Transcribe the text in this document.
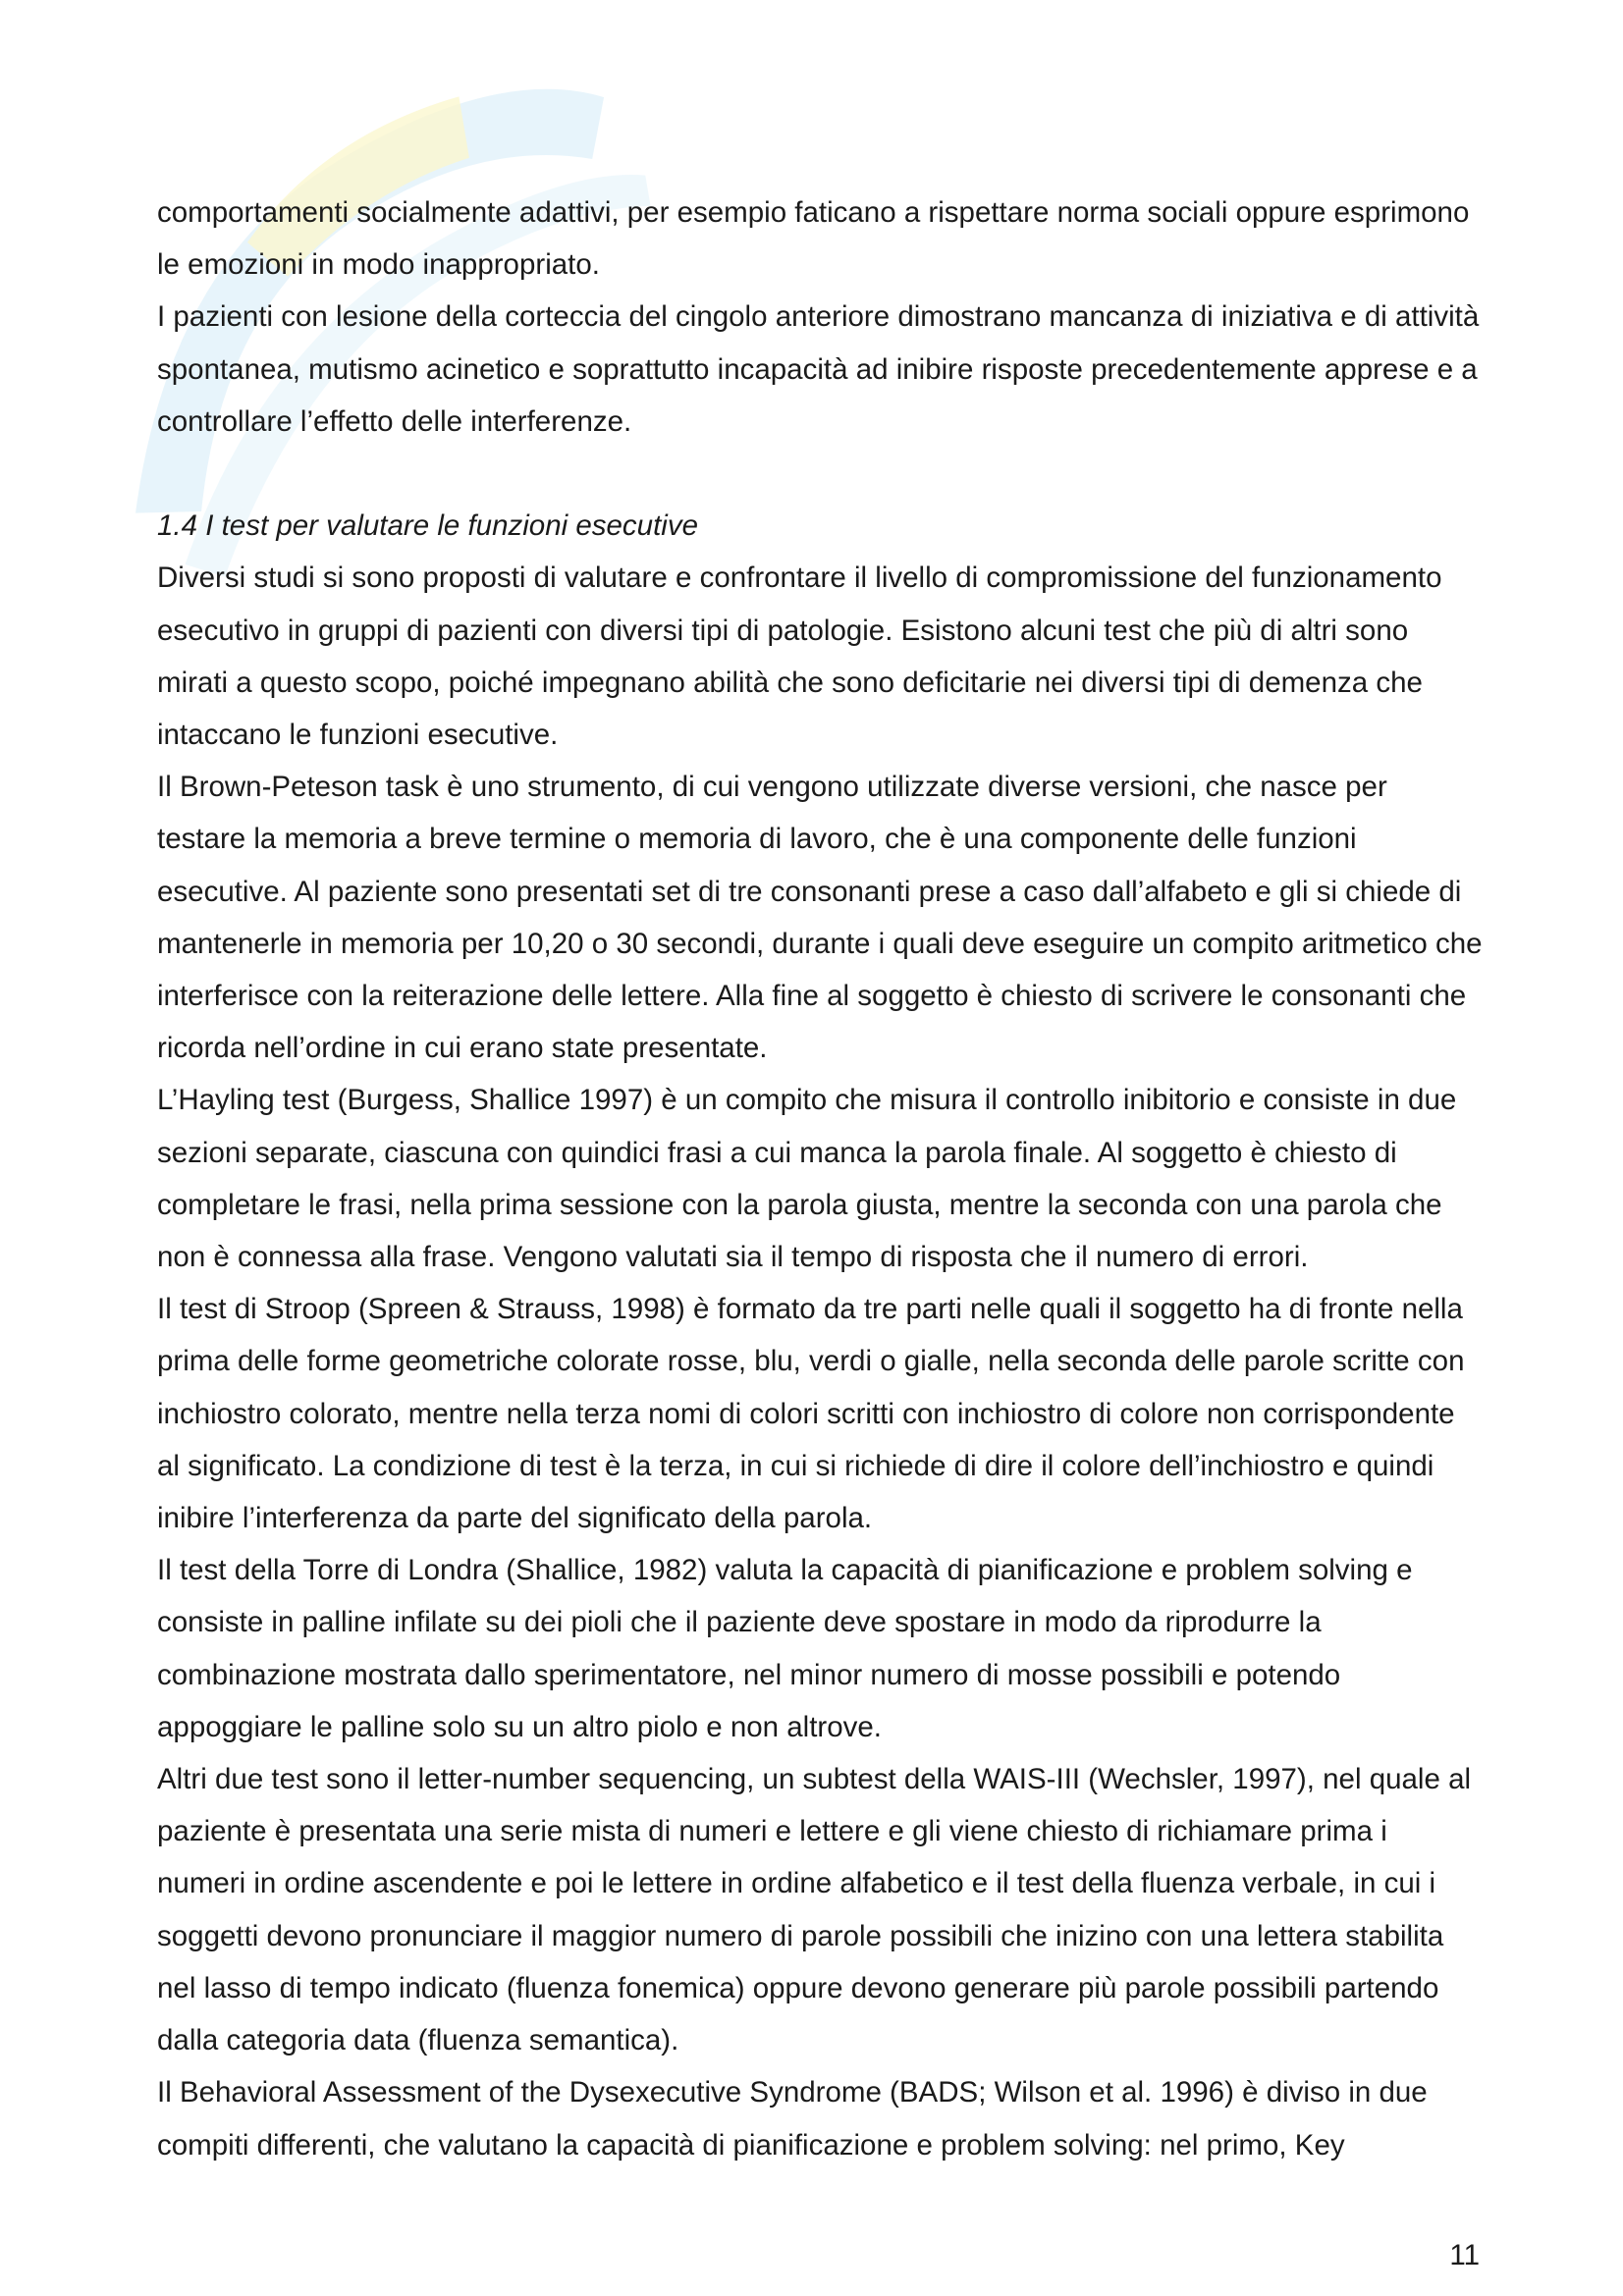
comportamenti socialmente adattivi, per esempio faticano a rispettare norma sociali oppure esprimono le emozioni in modo inappropriato.

I pazienti con lesione della corteccia del cingolo anteriore dimostrano mancanza di iniziativa e di attività spontanea, mutismo acinetico e soprattutto incapacità ad inibire risposte precedentemente apprese e a controllare l’effetto delle interferenze.

1.4 I test per valutare le funzioni esecutive

Diversi studi si sono proposti di valutare e confrontare il livello di compromissione del funzionamento esecutivo in gruppi di pazienti con diversi tipi di patologie. Esistono alcuni test che più di altri sono mirati a questo scopo, poiché impegnano abilità che sono deficitarie nei diversi tipi di demenza che intaccano le funzioni esecutive.

Il Brown-Peteson task è uno strumento, di cui vengono utilizzate diverse versioni, che nasce per testare la memoria a breve termine o memoria di lavoro, che è una componente delle funzioni esecutive. Al paziente sono presentati set di tre consonanti prese a caso dall’alfabeto e gli si chiede di mantenerle in memoria per 10,20 o 30 secondi, durante i quali deve eseguire un compito aritmetico che interferisce con la reiterazione delle lettere. Alla fine al soggetto è chiesto di scrivere le consonanti che ricorda nell’ordine in cui erano state presentate.

L’Hayling test (Burgess, Shallice 1997) è un compito che misura il controllo inibitorio e consiste in due sezioni separate, ciascuna con quindici frasi a cui manca la parola finale. Al soggetto è chiesto di completare le frasi, nella prima sessione con la parola giusta, mentre la seconda con una parola che non è connessa alla frase. Vengono valutati sia il tempo di risposta che il numero di errori.

Il test di Stroop (Spreen & Strauss, 1998) è formato da tre parti nelle quali il soggetto ha di fronte nella prima delle forme geometriche colorate rosse, blu, verdi o gialle, nella seconda delle parole scritte con inchiostro colorato, mentre nella terza nomi di colori scritti con inchiostro di colore non corrispondente al significato. La condizione di test è la terza, in cui si richiede di dire il colore dell’inchiostro e quindi inibire l’interferenza da parte del significato della parola.

Il test della Torre di Londra (Shallice, 1982) valuta la capacità di pianificazione e problem solving e consiste in palline infilate su dei pioli che il paziente deve spostare in modo da riprodurre la combinazione mostrata dallo sperimentatore, nel minor numero di mosse possibili e potendo appoggiare le palline solo su un altro piolo e non altrove.

Altri due test sono il letter-number sequencing, un subtest della WAIS-III (Wechsler, 1997), nel quale al paziente è presentata una serie mista di numeri e lettere e gli viene chiesto di richiamare prima i numeri in ordine ascendente e poi le lettere in ordine alfabetico e il test della fluenza verbale, in cui i soggetti devono pronunciare il maggior numero di parole possibili che inizino con una lettera stabilita nel lasso di tempo indicato (fluenza fonemica) oppure devono generare più parole possibili partendo dalla categoria data (fluenza semantica).

Il Behavioral Assessment of the Dysexecutive Syndrome (BADS; Wilson et al. 1996) è diviso in due compiti differenti, che valutano la capacità di pianificazione e problem solving: nel primo, Key

11
